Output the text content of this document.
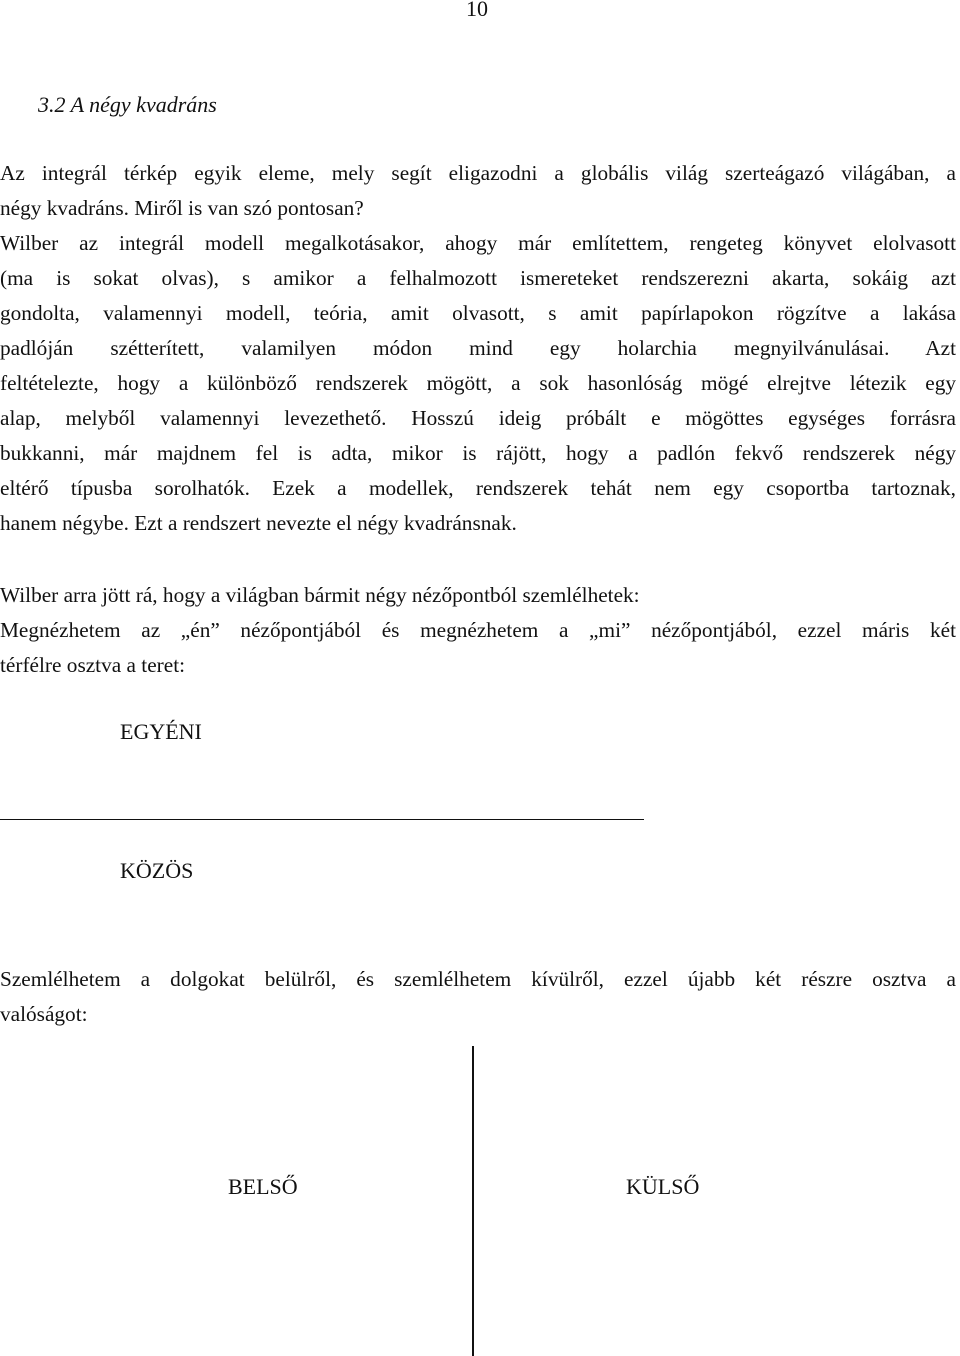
10
3.2 A négy kvadráns
Az integrál térkép egyik eleme, mely segít eligazodni a globális világ szerteágazó világában, a
négy kvadráns. Miről is van szó pontosan?
Wilber az integrál modell megalkotásakor, ahogy már említettem, rengeteg könyvet elolvasott
(ma is sokat olvas), s amikor a felhalmozott ismereteket rendszerezni akarta, sokáig azt
gondolta, valamennyi modell, teória, amit olvasott, s amit papírlapokon rögzítve a lakása
padlóján szétterített, valamilyen módon mind egy holarchia megnyilvánulásai. Azt
feltételezte, hogy a különböző rendszerek mögött, a sok hasonlóság mögé elrejtve létezik egy
alap, melyből valamennyi levezethető. Hosszú ideig próbált e mögöttes egységes forrásra
bukkanni, már majdnem fel is adta, mikor is rájött, hogy a padlón fekvő rendszerek négy
eltérő típusba sorolhatók. Ezek a modellek, rendszerek tehát nem egy csoportba tartoznak,
hanem négybe. Ezt a rendszert nevezte el négy kvadránsnak.
Wilber arra jött rá, hogy a világban bármit négy nézőpontból szemlélhetek:
Megnézhetem az „én” nézőpontjából és megnézhetem a „mi” nézőpontjából, ezzel máris két
térfélre osztva a teret:
EGYÉNI
KÖZÖS
Szemlélhetem a dolgokat belülről, és szemlélhetem kívülről, ezzel újabb két részre osztva a
valóságot:
BELSŐ	KÜLSŐ
